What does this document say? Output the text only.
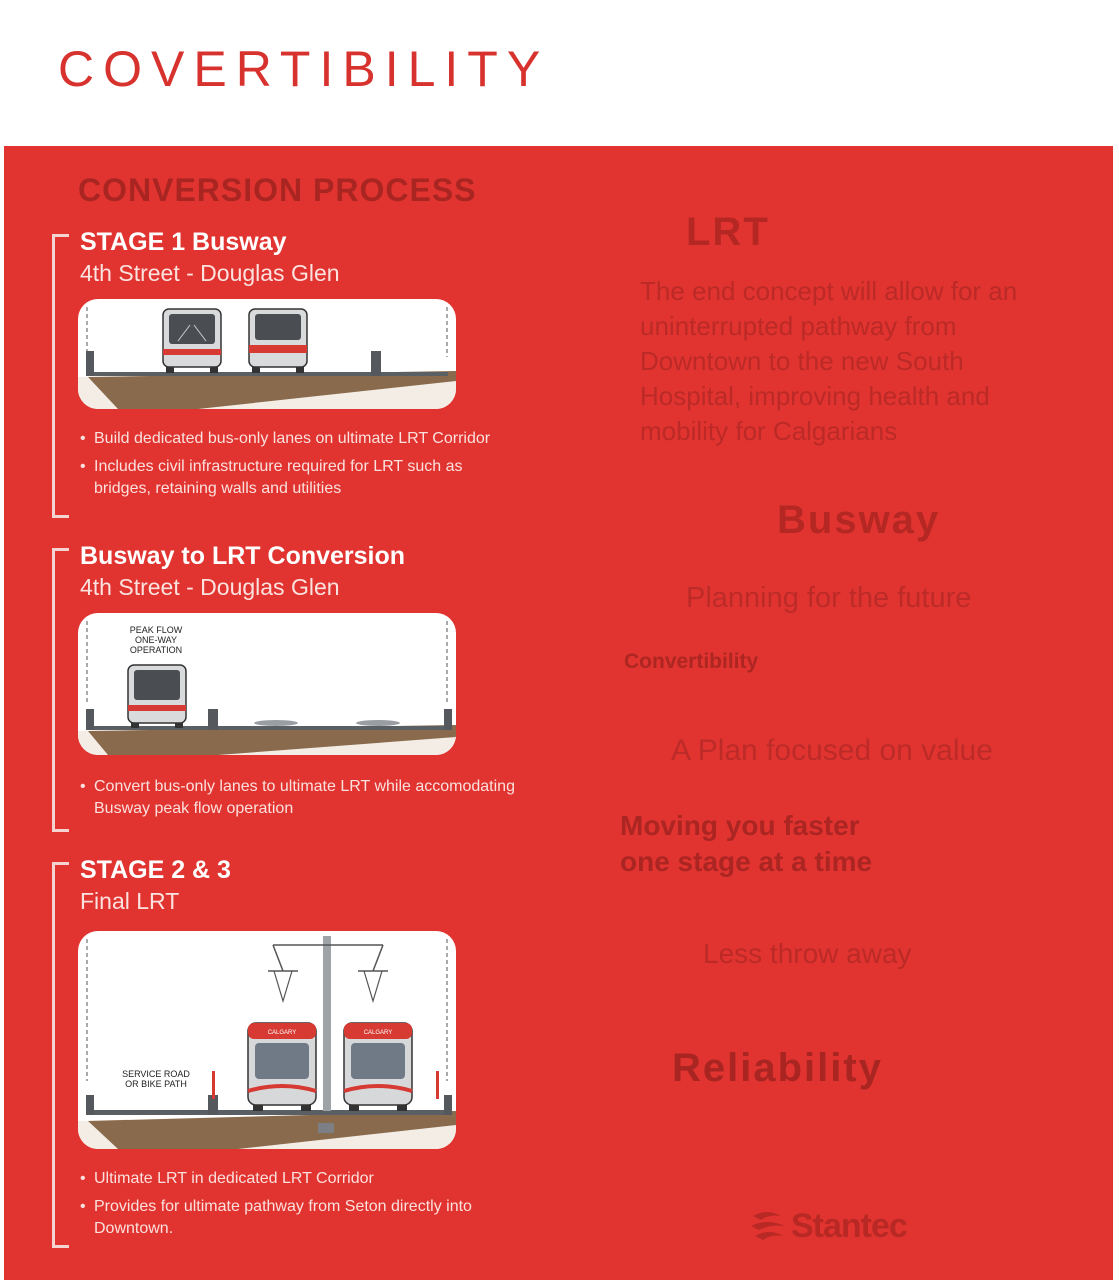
COVERTIBILITY
CONVERSION PROCESS
STAGE 1 Busway
4th Street - Douglas Glen
• Build dedicated bus-only lanes on ultimate LRT Corridor
• Includes civil infrastructure required for LRT such as bridges, retaining walls and utilities
Busway to LRT Conversion
4th Street - Douglas Glen
PEAK FLOW
ONE-WAY
OPERATION
• Convert bus-only lanes to ultimate LRT while accomodating Busway peak flow operation
STAGE 2 & 3
Final LRT
SERVICE ROAD
OR BIKE PATH
CALGARY	CALGARY
• Ultimate LRT in dedicated LRT Corridor
• Provides for ultimate pathway from Seton directly into Downtown.
LRT
The end concept will allow for an uninterrupted pathway from Downtown to the new South Hospital, improving health and mobility for Calgarians
Busway
Planning for the future
Convertibility
A Plan focused on value
Moving you faster
one stage at a time
Less throw away
Reliability
Stantec
